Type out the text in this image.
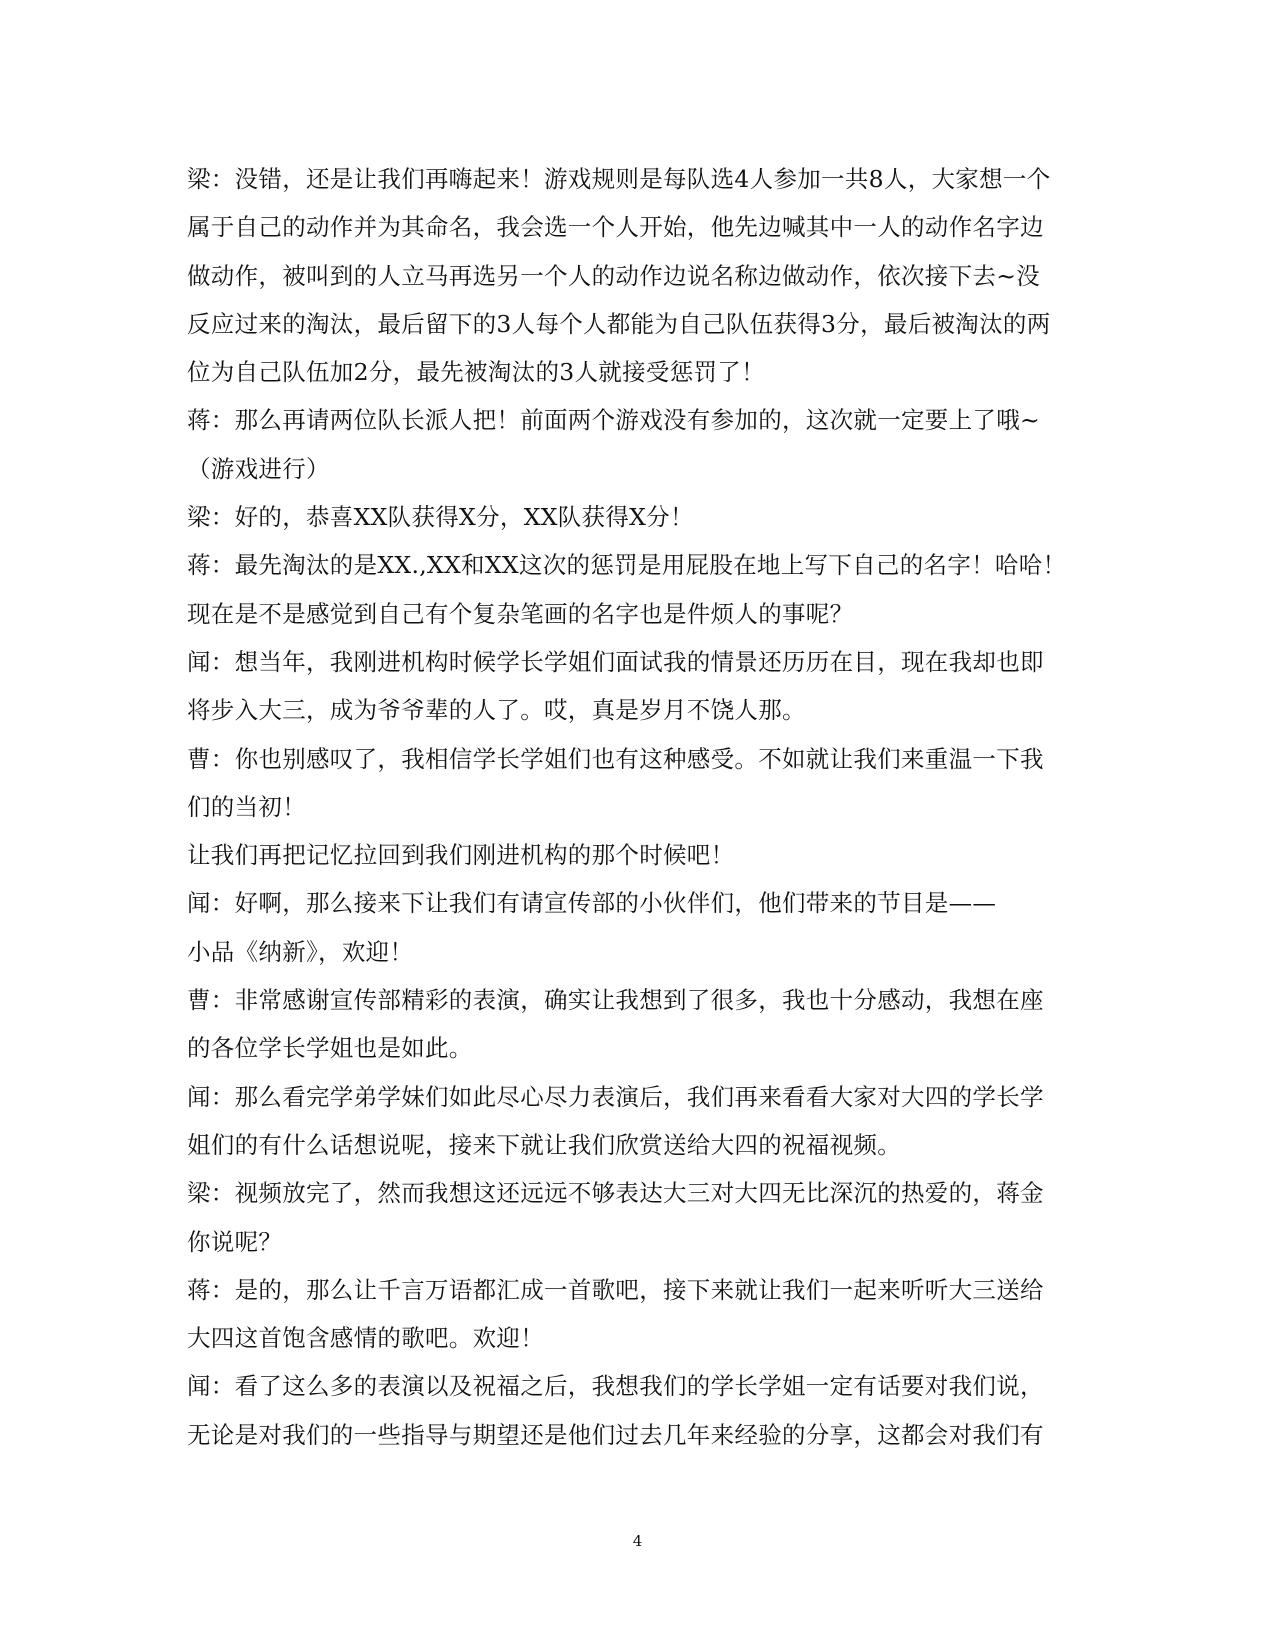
梁：没错，还是让我们再嗨起来！游戏规则是每队选4人参加一共8人，大家想一个
属于自己的动作并为其命名，我会选一个人开始，他先边喊其中一人的动作名字边
做动作，被叫到的人立马再选另一个人的动作边说名称边做动作，依次接下去~没
反应过来的淘汰，最后留下的3人每个人都能为自己队伍获得3分，最后被淘汰的两
位为自己队伍加2分，最先被淘汰的3人就接受惩罚了！
蒋：那么再请两位队长派人把！前面两个游戏没有参加的，这次就一定要上了哦~
（游戏进行）
梁：好的，恭喜XX队获得X分，XX队获得X分！
蒋：最先淘汰的是XX.,XX和XX这次的惩罚是用屁股在地上写下自己的名字！哈哈！
现在是不是感觉到自己有个复杂笔画的名字也是件烦人的事呢？
闻：想当年，我刚进机构时候学长学姐们面试我的情景还历历在目，现在我却也即
将步入大三，成为爷爷辈的人了。哎，真是岁月不饶人那。
曹：你也别感叹了，我相信学长学姐们也有这种感受。不如就让我们来重温一下我
们的当初！
让我们再把记忆拉回到我们刚进机构的那个时候吧！
闻：好啊，那么接来下让我们有请宣传部的小伙伴们，他们带来的节目是——
小品《纳新》，欢迎！
曹：非常感谢宣传部精彩的表演，确实让我想到了很多，我也十分感动，我想在座
的各位学长学姐也是如此。
闻：那么看完学弟学妹们如此尽心尽力表演后，我们再来看看大家对大四的学长学
姐们的有什么话想说呢，接来下就让我们欣赏送给大四的祝福视频。
梁：视频放完了，然而我想这还远远不够表达大三对大四无比深沉的热爱的，蒋金
你说呢？
蒋：是的，那么让千言万语都汇成一首歌吧，接下来就让我们一起来听听大三送给
大四这首饱含感情的歌吧。欢迎！
闻：看了这么多的表演以及祝福之后，我想我们的学长学姐一定有话要对我们说，
无论是对我们的一些指导与期望还是他们过去几年来经验的分享，这都会对我们有
4
